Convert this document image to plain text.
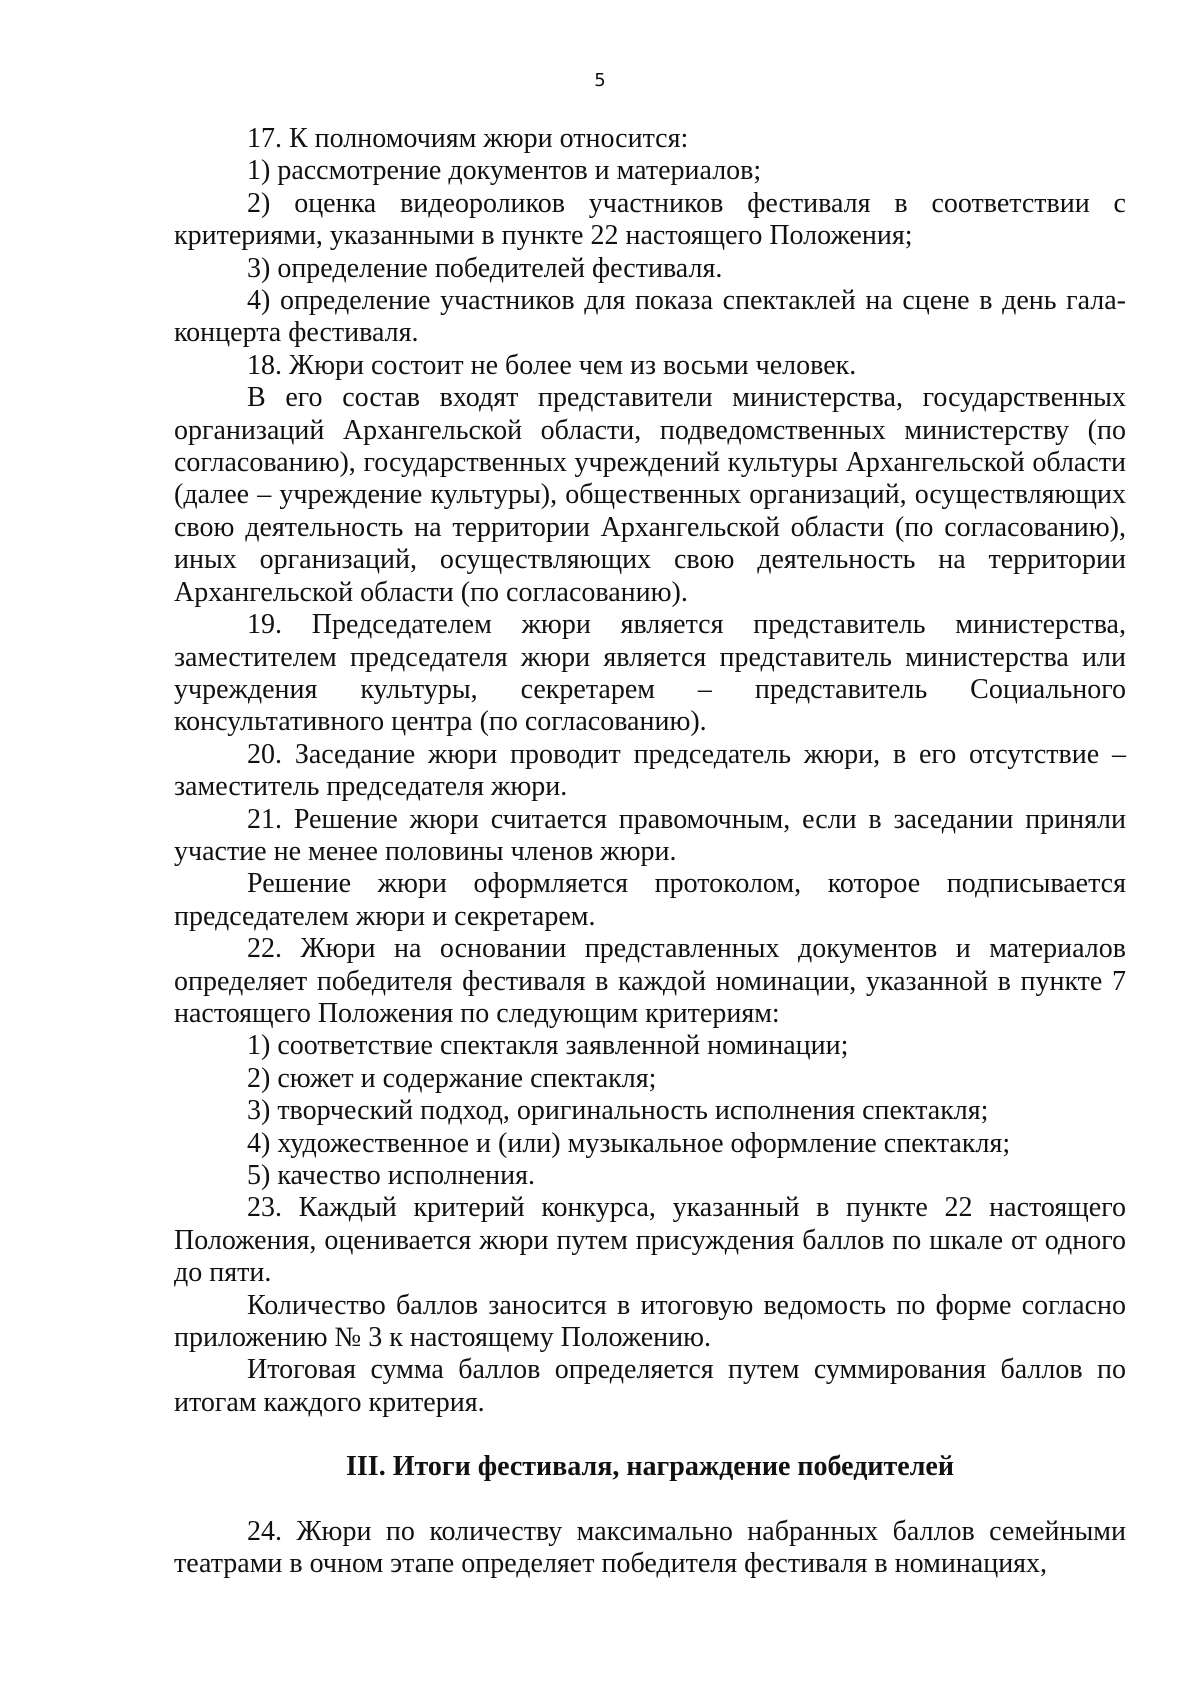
5

17. К полномочиям жюри относится:

1) рассмотрение документов и материалов;

2) оценка видеороликов участников фестиваля в соответствии с критериями, указанными в пункте 22 настоящего Положения;

3) определение победителей фестиваля.

4) определение участников для показа спектаклей на сцене в день гала-концерта фестиваля.

18. Жюри состоит не более чем из восьми человек.

В его состав входят представители министерства, государственных организаций Архангельской области, подведомственных министерству (по согласованию), государственных учреждений культуры Архангельской области (далее – учреждение культуры), общественных организаций, осуществляющих свою деятельность на территории Архангельской области (по согласованию), иных организаций, осуществляющих свою деятельность на территории Архангельской области (по согласованию).

19. Председателем жюри является представитель министерства, заместителем председателя жюри является представитель министерства или учреждения культуры, секретарем – представитель Социального консультативного центра (по согласованию).

20. Заседание жюри проводит председатель жюри, в его отсутствие – заместитель председателя жюри.

21. Решение жюри считается правомочным, если в заседании приняли участие не менее половины членов жюри.

Решение жюри оформляется протоколом, которое подписывается председателем жюри и секретарем.

22. Жюри на основании представленных документов и материалов определяет победителя фестиваля в каждой номинации, указанной в пункте 7 настоящего Положения по следующим критериям:

1) соответствие спектакля заявленной номинации;

2) сюжет и содержание спектакля;

3) творческий подход, оригинальность исполнения спектакля;

4) художественное и (или) музыкальное оформление спектакля;

5) качество исполнения.

23. Каждый критерий конкурса, указанный в пункте 22 настоящего Положения, оценивается жюри путем присуждения баллов по шкале от одного до пяти.

Количество баллов заносится в итоговую ведомость по форме согласно приложению № 3 к настоящему Положению.

Итоговая сумма баллов определяется путем суммирования баллов по итогам каждого критерия.

III. Итоги фестиваля, награждение победителей

24. Жюри по количеству максимально набранных баллов семейными театрами в очном этапе определяет победителя фестиваля в номинациях,
